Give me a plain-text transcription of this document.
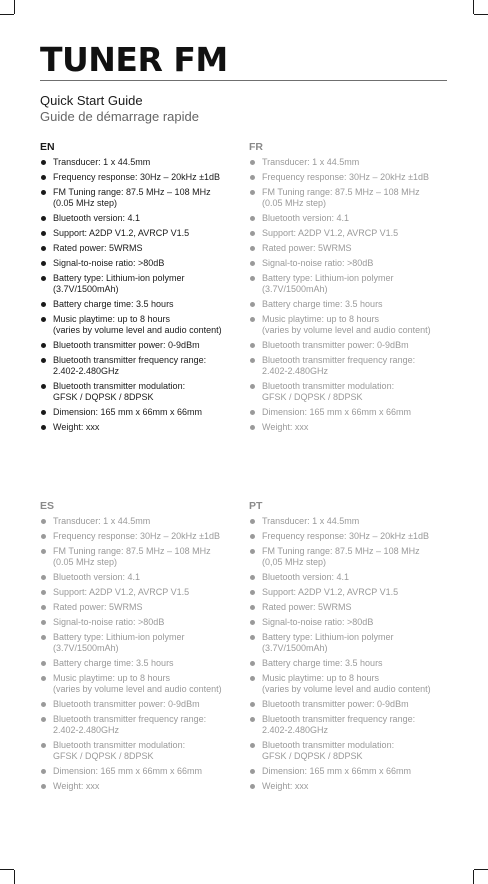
TUNER FM
Quick Start Guide
Guide de démarrage rapide
EN
Transducer: 1 x 44.5mm
Frequency response: 30Hz – 20kHz ±1dB
FM Tuning range: 87.5 MHz – 108 MHz
(0.05 MHz step)
Bluetooth version: 4.1
Support: A2DP V1.2, AVRCP V1.5
Rated power: 5WRMS
Signal-to-noise ratio: >80dB
Battery type: Lithium-ion polymer
(3.7V/1500mAh)
Battery charge time: 3.5 hours
Music playtime: up to 8 hours
(varies by volume level and audio content)
Bluetooth transmitter power: 0-9dBm
Bluetooth transmitter frequency range:
2.402-2.480GHz
Bluetooth transmitter modulation:
GFSK / DQPSK / 8DPSK
Dimension: 165 mm x 66mm x 66mm
Weight: xxx
FR
Transducer: 1 x 44.5mm
Frequency response: 30Hz – 20kHz ±1dB
FM Tuning range: 87.5 MHz – 108 MHz
(0.05 MHz step)
Bluetooth version: 4.1
Support: A2DP V1.2, AVRCP V1.5
Rated power: 5WRMS
Signal-to-noise ratio: >80dB
Battery type: Lithium-ion polymer
(3.7V/1500mAh)
Battery charge time: 3.5 hours
Music playtime: up to 8 hours
(varies by volume level and audio content)
Bluetooth transmitter power: 0-9dBm
Bluetooth transmitter frequency range:
2.402-2.480GHz
Bluetooth transmitter modulation:
GFSK / DQPSK / 8DPSK
Dimension: 165 mm x 66mm x 66mm
Weight: xxx
ES
Transducer: 1 x 44.5mm
Frequency response: 30Hz – 20kHz ±1dB
FM Tuning range: 87.5 MHz – 108 MHz
(0.05 MHz step)
Bluetooth version: 4.1
Support: A2DP V1.2, AVRCP V1.5
Rated power: 5WRMS
Signal-to-noise ratio: >80dB
Battery type: Lithium-ion polymer
(3.7V/1500mAh)
Battery charge time: 3.5 hours
Music playtime: up to 8 hours
(varies by volume level and audio content)
Bluetooth transmitter power: 0-9dBm
Bluetooth transmitter frequency range:
2.402-2.480GHz
Bluetooth transmitter modulation:
GFSK / DQPSK / 8DPSK
Dimension: 165 mm x 66mm x 66mm
Weight: xxx
PT
Transducer: 1 x 44.5mm
Frequency response: 30Hz – 20kHz ±1dB
FM Tuning range: 87.5 MHz – 108 MHz
(0,05 MHz step)
Bluetooth version: 4.1
Support: A2DP V1.2, AVRCP V1.5
Rated power: 5WRMS
Signal-to-noise ratio: >80dB
Battery type: Lithium-ion polymer
(3.7V/1500mAh)
Battery charge time: 3.5 hours
Music playtime: up to 8 hours
(varies by volume level and audio content)
Bluetooth transmitter power: 0-9dBm
Bluetooth transmitter frequency range:
2.402-2.480GHz
Bluetooth transmitter modulation:
GFSK / DQPSK / 8DPSK
Dimension: 165 mm x 66mm x 66mm
Weight: xxx
